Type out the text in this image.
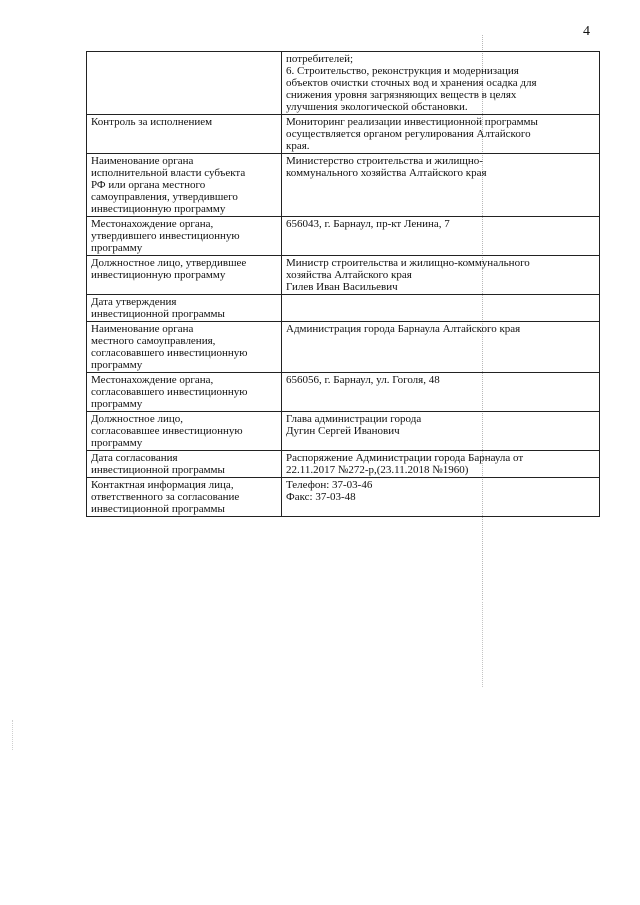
4

	потребителей;
6. Строительство, реконструкция и модернизация
объектов очистки сточных вод и хранения осадка для
снижения уровня загрязняющих веществ в целях
улучшения экологической обстановки.

Контроль за исполнением	Мониторинг реализации инвестиционной программы
осуществляется органом регулирования Алтайского
края.

Наименование органа
исполнительной власти субъекта
РФ или органа местного
самоуправления, утвердившего
инвестиционную программу	Министерство строительства и жилищно-
коммунального хозяйства Алтайского края

Местонахождение органа,
утвердившего инвестиционную
программу	656043, г. Барнаул, пр-кт Ленина, 7

Должностное лицо, утвердившее
инвестиционную программу	Министр строительства и жилищно-коммунального
хозяйства Алтайского края
Гилев Иван Васильевич

Дата утверждения
инвестиционной программы	

Наименование органа
местного самоуправления,
согласовавшего инвестиционную
программу	Администрация города Барнаула Алтайского края

Местонахождение органа,
согласовавшего инвестиционную
программу	656056, г. Барнаул, ул. Гоголя, 48

Должностное лицо,
согласовавшее инвестиционную
программу	Глава администрации города
Дугин Сергей Иванович

Дата согласования
инвестиционной программы	Распоряжение Администрации города Барнаула от
22.11.2017 №272-р,(23.11.2018 №1960)

Контактная информация лица,
ответственного за согласование
инвестиционной программы	Телефон: 37-03-46
Факс: 37-03-48
